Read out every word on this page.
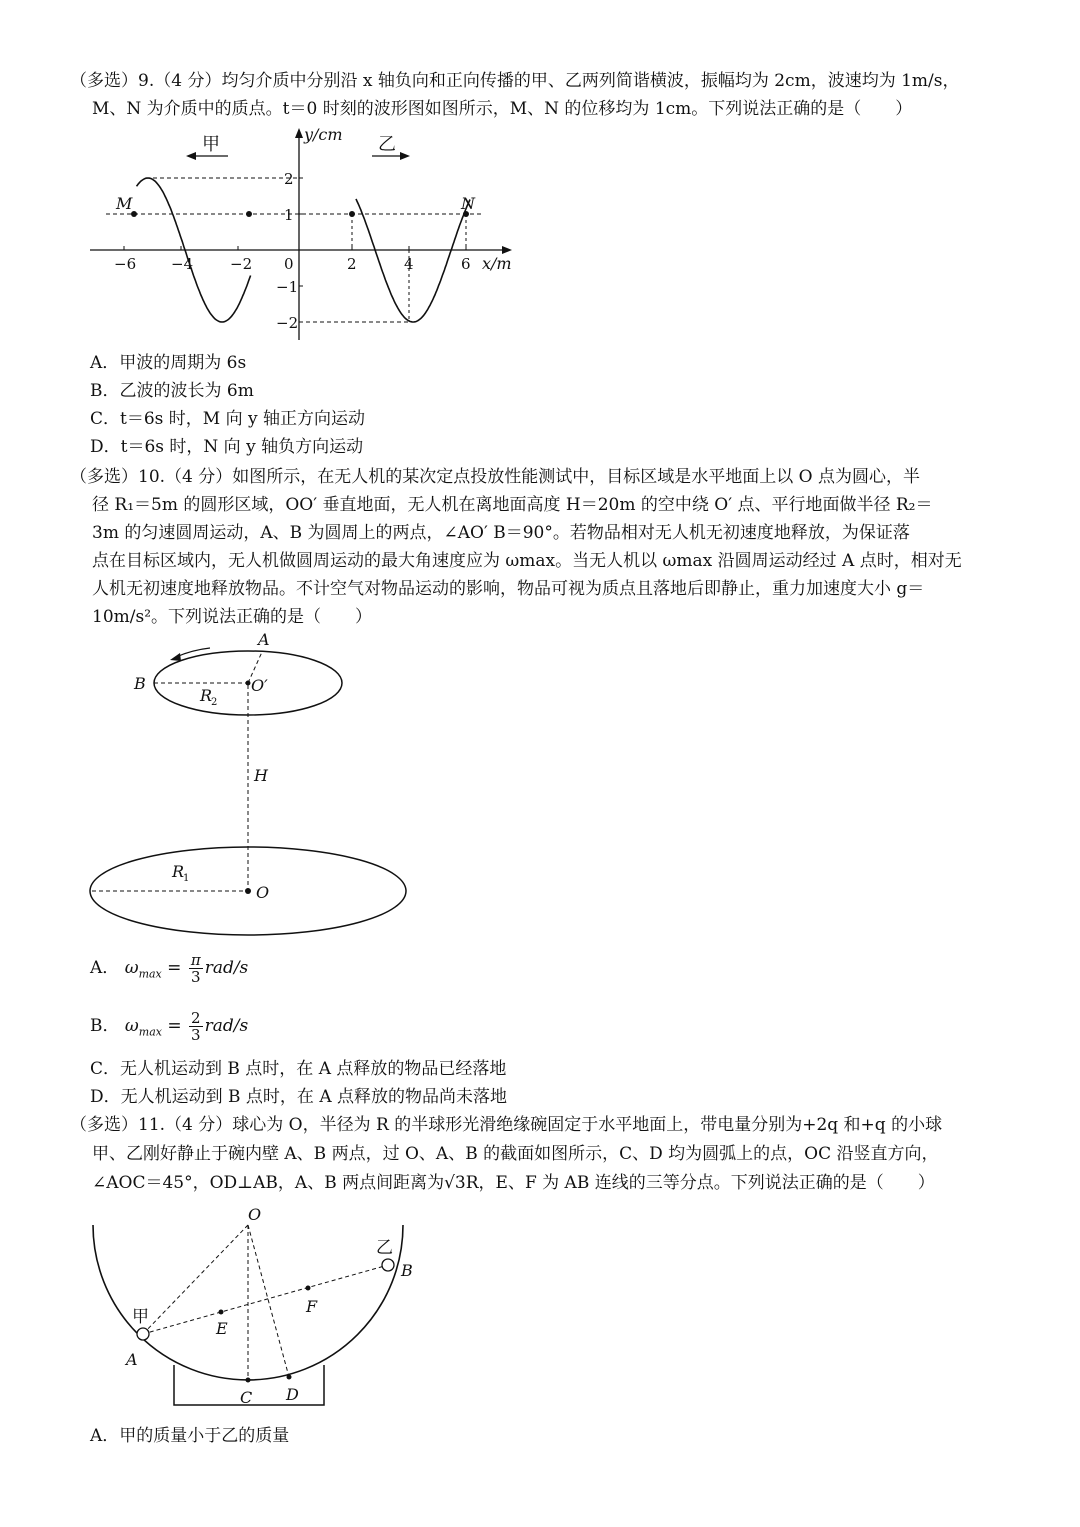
（多选）9.（4 分）均匀介质中分别沿 x 轴负向和正向传播的甲、乙两列简谐横波，振幅均为 2cm，波速均为 1m/s，

M、N 为介质中的质点。t＝0 时刻的波形图如图所示，M、N 的位移均为 1cm。下列说法正确的是（　　）

甲	乙
y/cm
x/m
M	N
−6 −4 −2 0	2	4	6
2
1
−1
−2

A．甲波的周期为 6s

B．乙波的波长为 6m

C．t＝6s 时，M 向 y 轴正方向运动

D．t＝6s 时，N 向 y 轴负方向运动

（多选）10.（4 分）如图所示，在无人机的某次定点投放性能测试中，目标区域是水平地面上以 O 点为圆心，半

径 R₁＝5m 的圆形区域，OO′ 垂直地面，无人机在离地面高度 H＝20m 的空中绕 O′ 点、平行地面做半径 R₂＝

3m 的匀速圆周运动，A、B 为圆周上的两点，∠AO′ B＝90°。若物品相对无人机无初速度地释放，为保证落

点在目标区域内，无人机做圆周运动的最大角速度应为 ωmax。当无人机以 ωmax 沿圆周运动经过 A 点时，相对无

人机无初速度地释放物品。不计空气对物品运动的影响，物品可视为质点且落地后即静止，重力加速度大小 g＝

10m/s²。下列说法正确的是（　　）

A
B	O′
R
2
H
R
1
O

A． $\omega_{max} = \frac{\pi}{3} rad/s$

B． $\omega_{max} = \frac{2}{3} rad/s$

C．无人机运动到 B 点时，在 A 点释放的物品已经落地

D．无人机运动到 B 点时，在 A 点释放的物品尚未落地

（多选）11.（4 分）球心为 O，半径为 R 的半球形光滑绝缘碗固定于水平地面上，带电量分别为+2q 和+q 的小球

甲、乙刚好静止于碗内壁 A、B 两点，过 O、A、B 的截面如图所示，C、D 均为圆弧上的点，OC 沿竖直方向，

∠AOC＝45°，OD⊥AB，A、B 两点间距离为√3R，E、F 为 AB 连线的三等分点。下列说法正确的是（　　）

O
甲
乙
A
B
E
F
C D

A．甲的质量小于乙的质量
